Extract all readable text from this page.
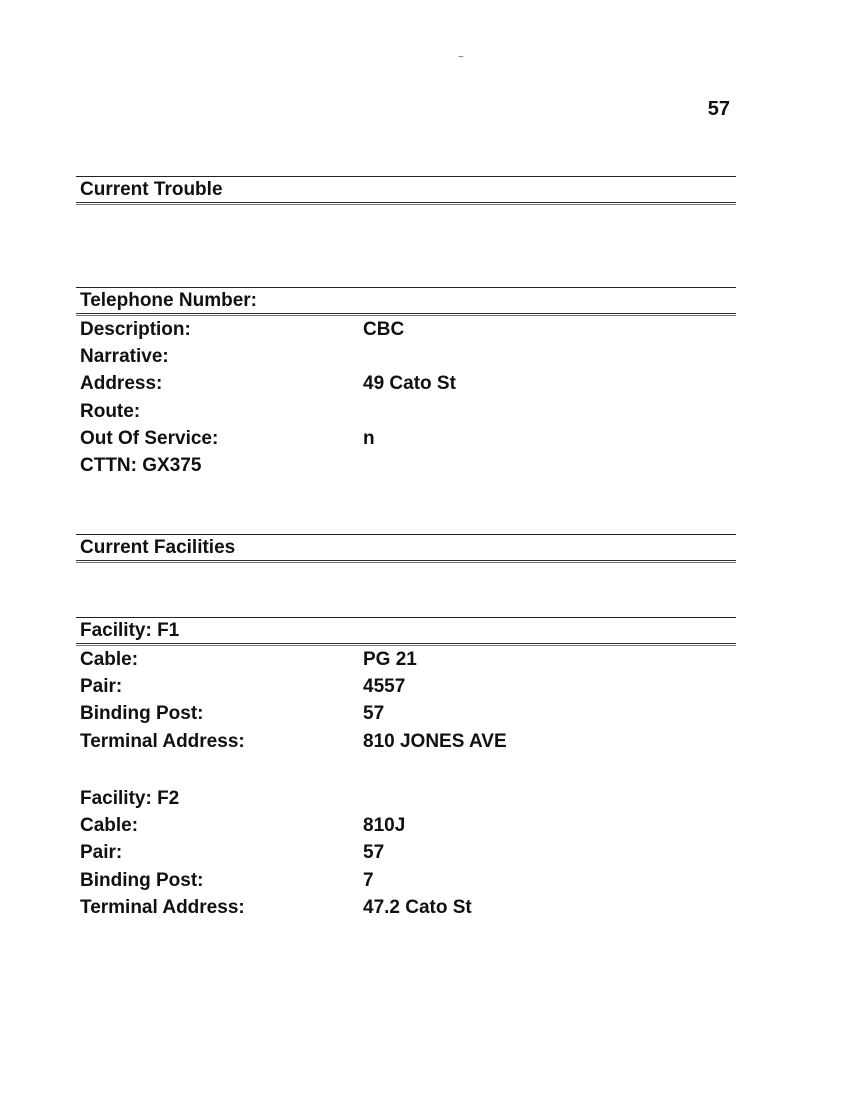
~
57
Current Trouble
Telephone Number:
Description:	CBC
Narrative:
Address:	49 Cato St
Route:
Out Of Service:	n
CTTN: GX375
Current Facilities
Facility: F1
Cable:	PG 21
Pair:	4557
Binding Post:	57
Terminal Address:	810 JONES AVE
Facility: F2
Cable:	810J
Pair:	57
Binding Post:	7
Terminal Address:	47.2 Cato St
